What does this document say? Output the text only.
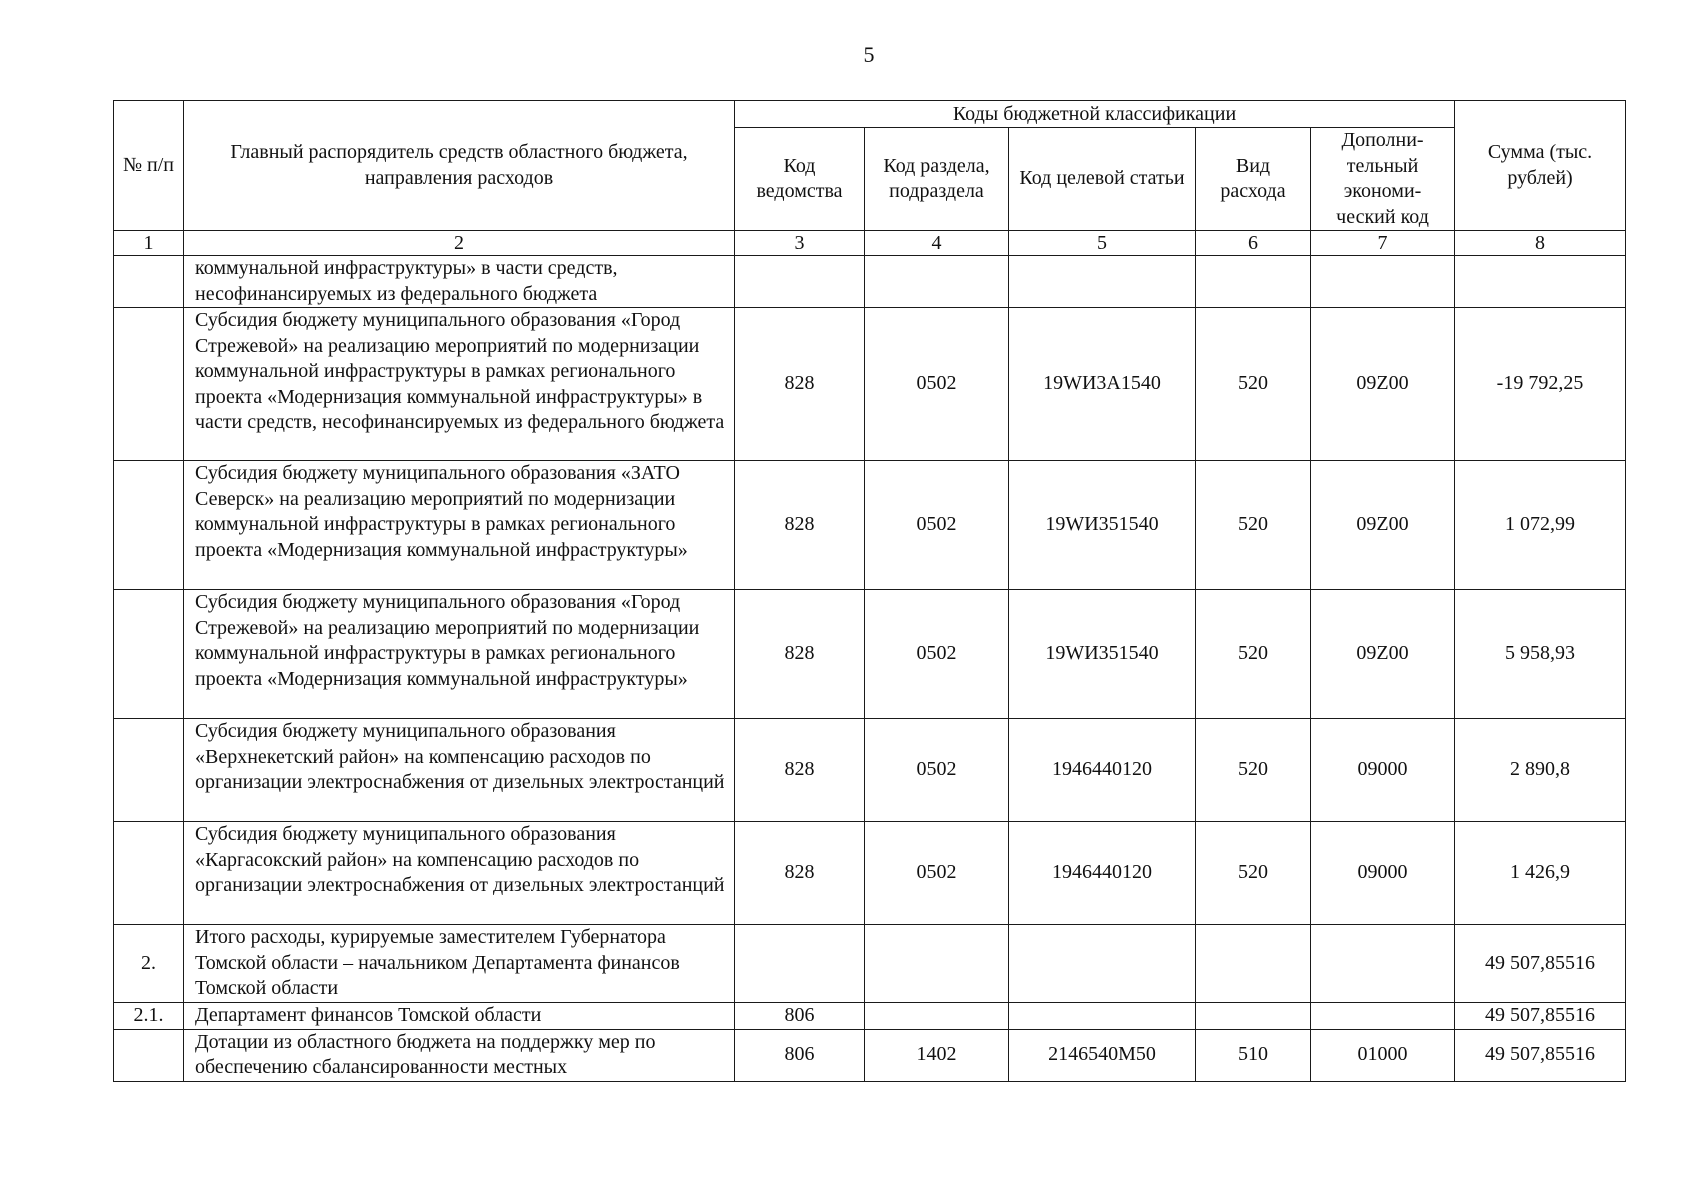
5
№ п/п	Главный распорядитель средств областного бюджета, направления расходов	Коды бюджетной классификации					Сумма (тыс. рублей)
		Код ведомства	Код раздела, подраздела	Код целевой статьи	Вид расхода	Дополни-тельный экономи-ческий код	
1	2	3	4	5	6	7	8
	коммунальной инфраструктуры» в части средств, несофинансируемых из федерального бюджета						
	Субсидия бюджету муниципального образования «Город Стрежевой» на реализацию мероприятий по модернизации коммунальной инфраструктуры в рамках регионального проекта «Модернизация коммунальной инфраструктуры» в части средств, несофинансируемых из федерального бюджета	828	0502	19WИ3A1540	520	09Z00	-19 792,25
	Субсидия бюджету муниципального образования «ЗАТО Северск» на реализацию мероприятий по модернизации коммунальной инфраструктуры в рамках регионального проекта «Модернизация коммунальной инфраструктуры»	828	0502	19WИ351540	520	09Z00	1 072,99
	Субсидия бюджету муниципального образования «Город Стрежевой» на реализацию мероприятий по модернизации коммунальной инфраструктуры в рамках регионального проекта «Модернизация коммунальной инфраструктуры»	828	0502	19WИ351540	520	09Z00	5 958,93
	Субсидия бюджету муниципального образования «Верхнекетский район» на компенсацию расходов по организации электроснабжения от дизельных электростанций	828	0502	1946440120	520	09000	2 890,8
	Субсидия бюджету муниципального образования «Каргасокский район» на компенсацию расходов по организации электроснабжения от дизельных электростанций	828	0502	1946440120	520	09000	1 426,9
2.	Итого расходы, курируемые заместителем Губернатора Томской области – начальником Департамента финансов Томской области						49 507,85516
2.1.	Департамент финансов Томской области	806					49 507,85516
	Дотации из областного бюджета на поддержку мер по обеспечению сбалансированности местных	806	1402	2146540M50	510	01000	49 507,85516
